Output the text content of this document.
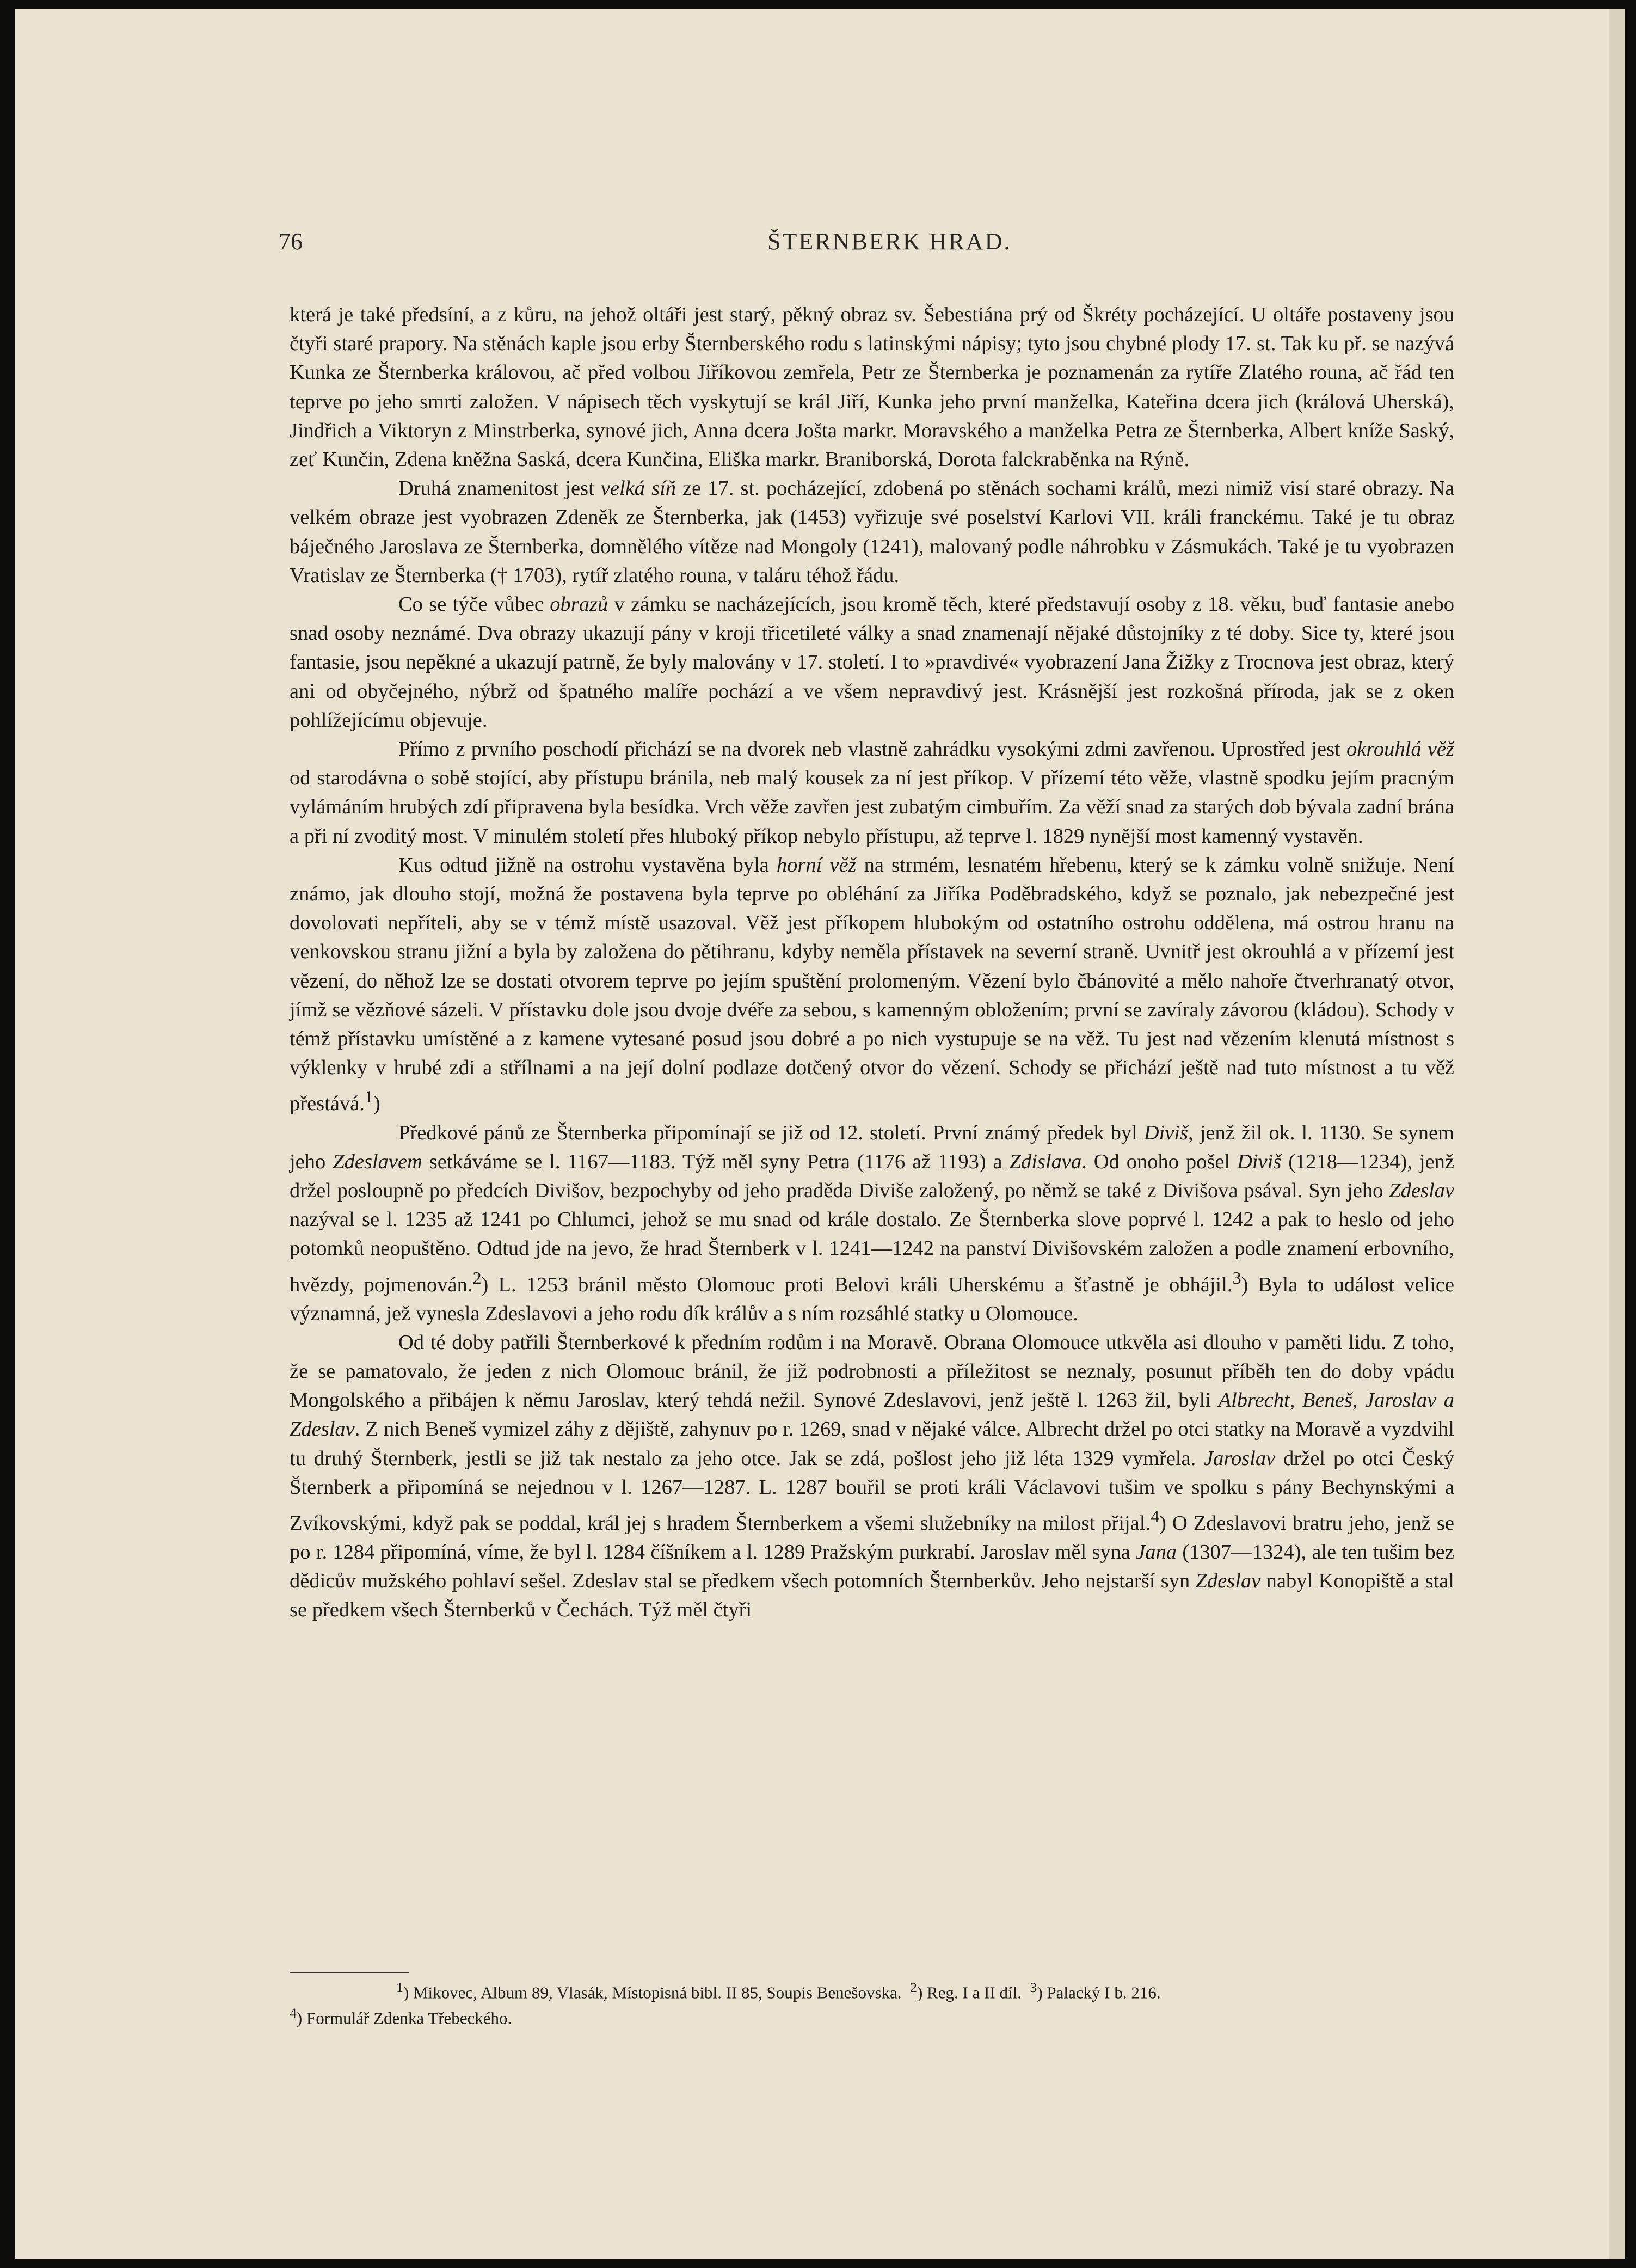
76	ŠTERNBERK HRAD.

která je také předsíní, a z kůru, na jehož oltáři jest starý, pěkný obraz sv. Šebestiána prý od Škréty pocházející. U oltáře postaveny jsou čtyři staré prapory. Na stěnách kaple jsou erby Šternberského rodu s latinskými nápisy; tyto jsou chybné plody 17. st. Tak ku př. se nazývá Kunka ze Šternberka královou, ač před volbou Jiříkovou zemřela, Petr ze Šternberka je poznamenán za rytíře Zlatého rouna, ač řád ten teprve po jeho smrti založen. V nápisech těch vyskytují se král Jiří, Kunka jeho první manželka, Kateřina dcera jich (králová Uherská), Jindřich a Viktoryn z Minstrberka, synové jich, Anna dcera Jošta markr. Moravského a manželka Petra ze Šternberka, Albert kníže Saský, zeť Kunčin, Zdena kněžna Saská, dcera Kunčina, Eliška markr. Braniborská, Dorota falckraběnka na Rýně.

Druhá znamenitost jest velká síň ze 17. st. pocházející, zdobená po stěnách sochami králů, mezi nimiž visí staré obrazy. Na velkém obraze jest vyobrazen Zdeněk ze Šternberka, jak (1453) vyřizuje své poselství Karlovi VII. králi franckému. Také je tu obraz báječného Jaroslava ze Šternberka, domnělého vítěze nad Mongoly (1241), malovaný podle náhrobku v Zásmukách. Také je tu vyobrazen Vratislav ze Šternberka († 1703), rytíř zlatého rouna, v taláru téhož řádu.

Co se týče vůbec obrazů v zámku se nacházejících, jsou kromě těch, které představují osoby z 18. věku, buď fantasie anebo snad osoby neznámé. Dva obrazy ukazují pány v kroji třicetileté války a snad znamenají nějaké důstojníky z té doby. Sice ty, které jsou fantasie, jsou nepěkné a ukazují patrně, že byly malovány v 17. století. I to »pravdivé« vyobrazení Jana Žižky z Trocnova jest obraz, který ani od obyčejného, nýbrž od špatného malíře pochází a ve všem nepravdivý jest. Krásnější jest rozkošná příroda, jak se z oken pohlížejícímu objevuje.

Přímo z prvního poschodí přichází se na dvorek neb vlastně zahrádku vysokými zdmi zavřenou. Uprostřed jest okrouhlá věž od starodávna o sobě stojící, aby přístupu bránila, neb malý kousek za ní jest příkop. V přízemí této věže, vlastně spodku jejím pracným vylámáním hrubých zdí připravena byla besídka. Vrch věže zavřen jest zubatým cimbuřím. Za věží snad za starých dob bývala zadní brána a při ní zvoditý most. V minulém století přes hluboký příkop nebylo přístupu, až teprve l. 1829 nynější most kamenný vystavěn.

Kus odtud jižně na ostrohu vystavěna byla horní věž na strmém, lesnatém hřebenu, který se k zámku volně snižuje. Není známo, jak dlouho stojí, možná že postavena byla teprve po obléhání za Jiříka Poděbradského, když se poznalo, jak nebezpečné jest dovolovati nepříteli, aby se v témž místě usazoval. Věž jest příkopem hlubokým od ostatního ostrohu oddělena, má ostrou hranu na venkovskou stranu jižní a byla by založena do pětihranu, kdyby neměla přístavek na severní straně. Uvnitř jest okrouhlá a v přízemí jest vězení, do něhož lze se dostati otvorem teprve po jejím spuštění prolomeným. Vězení bylo čbánovité a mělo nahoře čtverhranatý otvor, jímž se vězňové sázeli. V přístavku dole jsou dvoje dvéře za sebou, s kamenným obložením; první se zavíraly závorou (kládou). Schody v témž přístavku umístěné a z kamene vytesané posud jsou dobré a po nich vystupuje se na věž. Tu jest nad vězením klenutá místnost s výklenky v hrubé zdi a střílnami a na její dolní podlaze dotčený otvor do vězení. Schody se přichází ještě nad tuto místnost a tu věž přestává.$^1$)

Předkové pánů ze Šternberka připomínají se již od 12. století. První známý předek byl Diviš, jenž žil ok. l. 1130. Se synem jeho Zdeslavem setkáváme se l. 1167—1183. Týž měl syny Petra (1176 až 1193) a Zdislava. Od onoho pošel Diviš (1218—1234), jenž držel posloupně po předcích Divišov, bezpochyby od jeho praděda Diviše založený, po němž se také z Divišova psával. Syn jeho Zdeslav nazýval se l. 1235 až 1241 po Chlumci, jehož se mu snad od krále dostalo. Ze Šternberka slove poprvé l. 1242 a pak to heslo od jeho potomků neopuštěno. Odtud jde na jevo, že hrad Šternberk v l. 1241—1242 na panství Divišovském založen a podle znamení erbovního, hvězdy, pojmenován.$^2$) L. 1253 bránil město Olomouc proti Belovi králi Uherskému a šťastně je obhájil.$^3$) Byla to událost velice významná, jež vynesla Zdeslavovi a jeho rodu dík králův a s ním rozsáhlé statky u Olomouce.

Od té doby patřili Šternberkové k předním rodům i na Moravě. Obrana Olomouce utkvěla asi dlouho v paměti lidu. Z toho, že se pamatovalo, že jeden z nich Olomouc bránil, že již podrobnosti a příležitost se neznaly, posunut příběh ten do doby vpádu Mongolského a přibájen k němu Jaroslav, který tehdá nežil. Synové Zdeslavovi, jenž ještě l. 1263 žil, byli Albrecht, Beneš, Jaroslav a Zdeslav. Z nich Beneš vymizel záhy z dějiště, zahynuv po r. 1269, snad v nějaké válce. Albrecht držel po otci statky na Moravě a vyzdvihl tu druhý Šternberk, jestli se již tak nestalo za jeho otce. Jak se zdá, pošlost jeho již léta 1329 vymřela. Jaroslav držel po otci Český Šternberk a připomíná se nejednou v l. 1267—1287. L. 1287 bouřil se proti králi Václavovi tušim ve spolku s pány Bechynskými a Zvíkovskými, když pak se poddal, král jej s hradem Šternberkem a všemi služebníky na milost přijal.$^4$) O Zdeslavovi bratru jeho, jenž se po r. 1284 připomíná, víme, že byl l. 1284 číšníkem a l. 1289 Pražským purkrabí. Jaroslav měl syna Jana (1307—1324), ale ten tušim bez dědicův mužského pohlaví sešel. Zdeslav stal se předkem všech potomních Šternberkův. Jeho nejstarší syn Zdeslav nabyl Konopiště a stal se předkem všech Šternberků v Čechách. Týž měl čtyři

$^1$) Mikovec, Album 89, Vlasák, Místopisná bibl. II 85, Soupis Benešovska. $^2$) Reg. I a II díl. $^3$) Palacký I b. 216.

$^4$) Formulář Zdenka Třebeckého.
